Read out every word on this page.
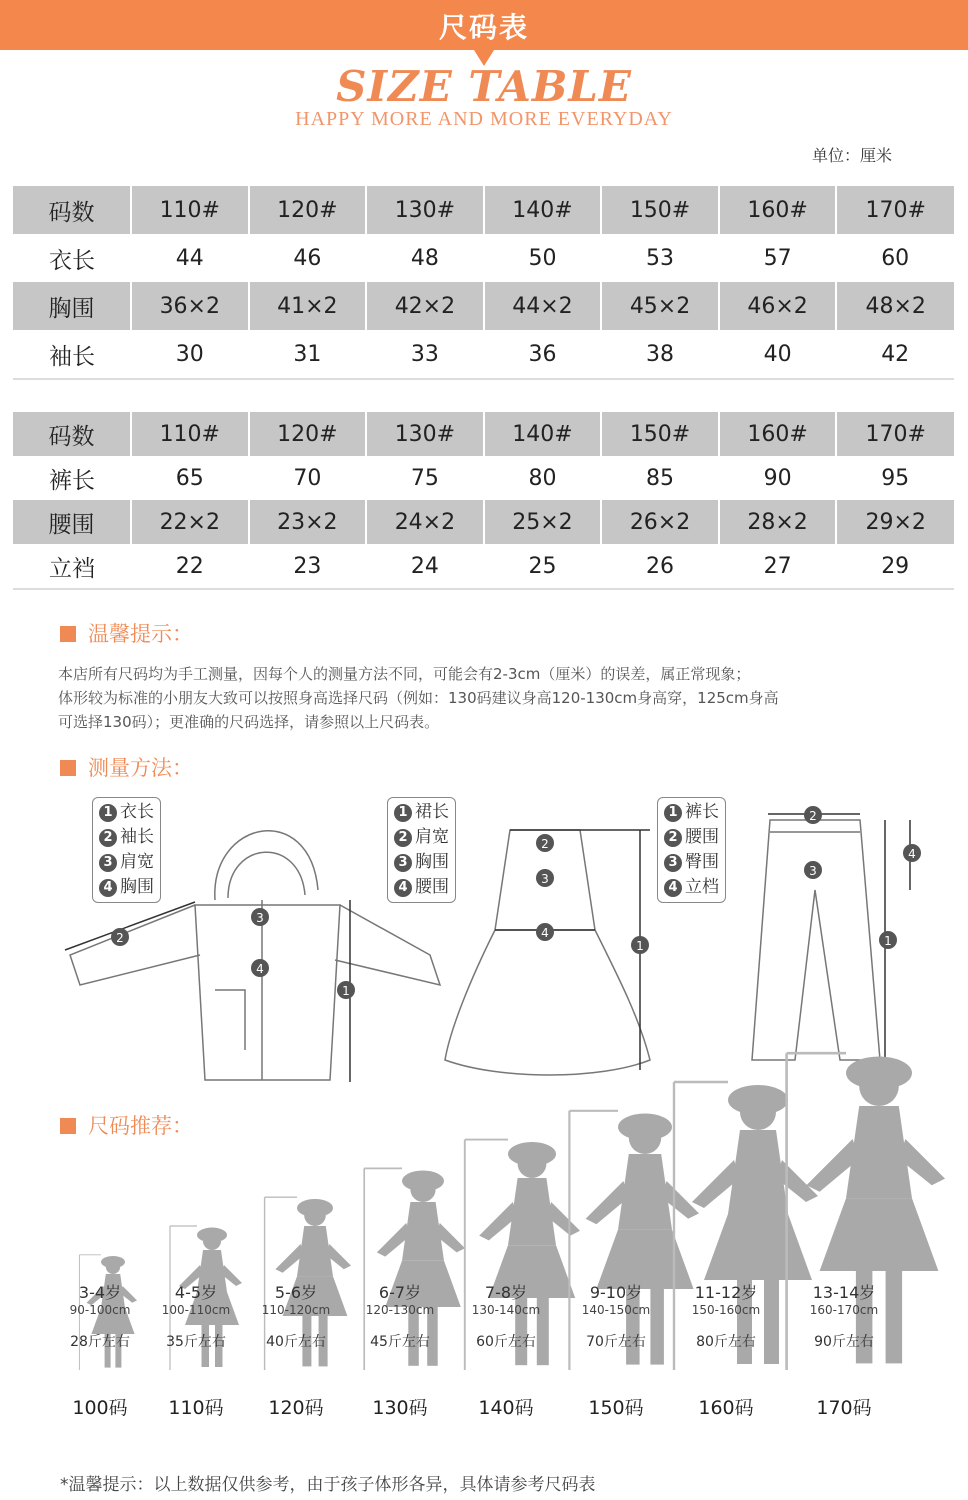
尺码表
SIZE TABLE
HAPPY MORE AND MORE EVERYDAY
单位：厘米
码数	110#	120#	130#	140#	150#	160#	170#
衣长	44	46	48	50	53	57	60
胸围	36×2	41×2	42×2	44×2	45×2	46×2	48×2
袖长	30	31	33	36	38	40	42
码数	110#	120#	130#	140#	150#	160#	170#
裤长	65	70	75	80	85	90	95
腰围	22×2	23×2	24×2	25×2	26×2	28×2	29×2
立裆	22	23	24	25	26	27	29
温馨提示：

本店所有尺码均为手工测量，因每个人的测量方法不同，可能会有2-3cm（厘米）的误差，属正常现象；

体形较为标准的小朋友大致可以按照身高选择尺码（例如：130码建议身高120-130cm身高穿，125cm身高

可选择130码）；更准确的尺码选择，请参照以上尺码表。

测量方法：
1
2
3
4
1
2
3
4
1
2
3
4
1 衣长
2 袖长
3 肩宽
4 胸围
1 裙长
2 肩宽
3 胸围
4 腰围
1 裤长
2 腰围
3 臀围
4 立档
尺码推荐：
3-4岁
90-100cm
28斤左右
100码
4-5岁
100-110cm
35斤左右
110码
5-6岁
110-120cm
40斤左右
120码
6-7岁
120-130cm
45斤左右
130码
7-8岁
130-140cm
60斤左右
140码
9-10岁
140-150cm
70斤左右
150码
11-12岁
150-160cm
80斤左右
160码
13-14岁
160-170cm
90斤左右
170码
*温馨提示：以上数据仅供参考，由于孩子体形各异，具体请参考尺码表
